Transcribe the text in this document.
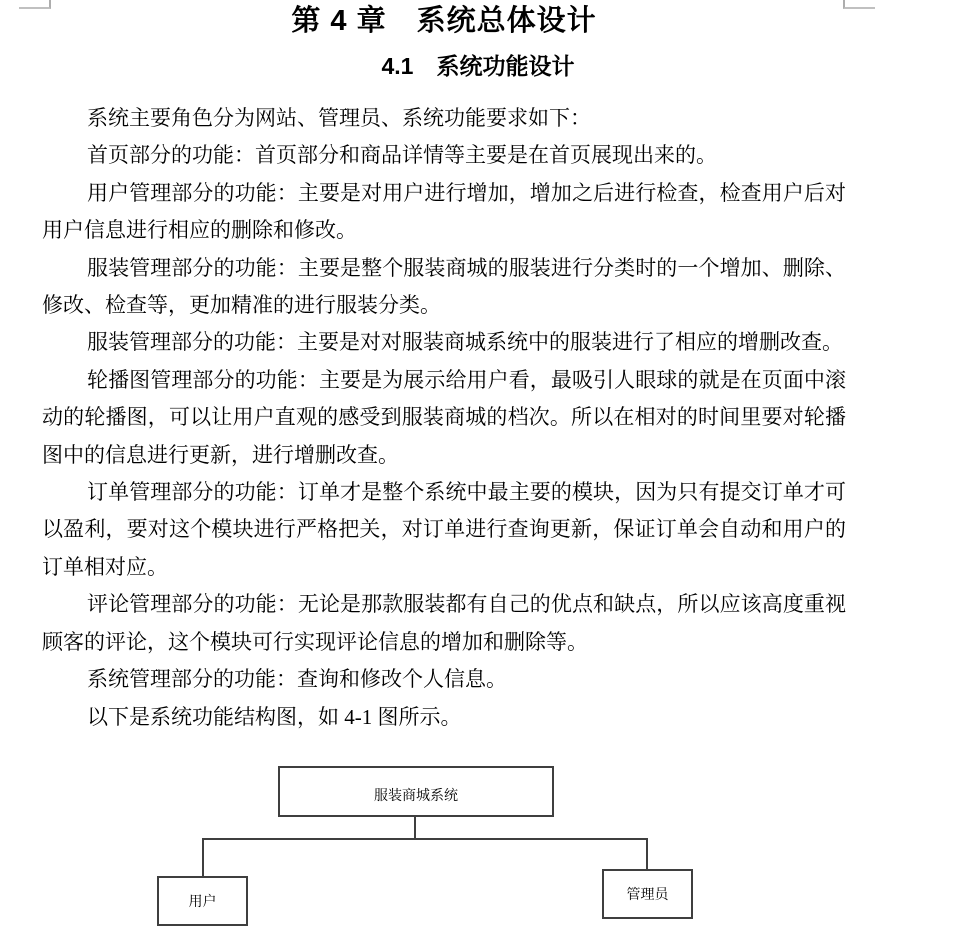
第 4 章　系统总体设计
4.1　系统功能设计

系统主要角色分为网站、管理员、系统功能要求如下：

首页部分的功能：首页部分和商品详情等主要是在首页展现出来的。

用户管理部分的功能：主要是对用户进行增加，增加之后进行检查，检查用户后对用户信息进行相应的删除和修改。

服装管理部分的功能：主要是整个服装商城的服装进行分类时的一个增加、删除、修改、检查等，更加精准的进行服装分类。

服装管理部分的功能：主要是对对服装商城系统中的服装进行了相应的增删改查。

轮播图管理部分的功能：主要是为展示给用户看，最吸引人眼球的就是在页面中滚动的轮播图，可以让用户直观的感受到服装商城的档次。所以在相对的时间里要对轮播图中的信息进行更新，进行增删改查。

订单管理部分的功能：订单才是整个系统中最主要的模块，因为只有提交订单才可以盈利，要对这个模块进行严格把关，对订单进行查询更新，保证订单会自动和用户的订单相对应。

评论管理部分的功能：无论是那款服装都有自己的优点和缺点，所以应该高度重视顾客的评论，这个模块可行实现评论信息的增加和删除等。

系统管理部分的功能：查询和修改个人信息。

以下是系统功能结构图，如 4-1 图所示。

服装商城系统
用户	管理员
